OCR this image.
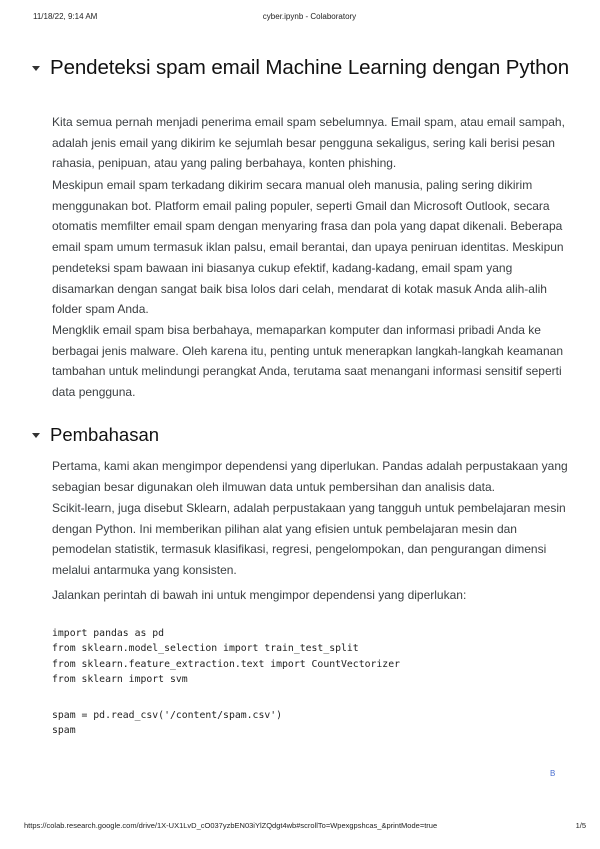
11/18/22, 9:14 AM	cyber.ipynb - Colaboratory
Pendeteksi spam email Machine Learning dengan Python

Kita semua pernah menjadi penerima email spam sebelumnya. Email spam, atau email sampah, adalah jenis email yang dikirim ke sejumlah besar pengguna sekaligus, sering kali berisi pesan rahasia, penipuan, atau yang paling berbahaya, konten phishing.

Meskipun email spam terkadang dikirim secara manual oleh manusia, paling sering dikirim menggunakan bot. Platform email paling populer, seperti Gmail dan Microsoft Outlook, secara otomatis memfilter email spam dengan menyaring frasa dan pola yang dapat dikenali. Beberapa email spam umum termasuk iklan palsu, email berantai, dan upaya peniruan identitas. Meskipun pendeteksi spam bawaan ini biasanya cukup efektif, kadang-kadang, email spam yang disamarkan dengan sangat baik bisa lolos dari celah, mendarat di kotak masuk Anda alih-alih folder spam Anda.

Mengklik email spam bisa berbahaya, memaparkan komputer dan informasi pribadi Anda ke berbagai jenis malware. Oleh karena itu, penting untuk menerapkan langkah-langkah keamanan tambahan untuk melindungi perangkat Anda, terutama saat menangani informasi sensitif seperti data pengguna.

Pembahasan

Pertama, kami akan mengimpor dependensi yang diperlukan. Pandas adalah perpustakaan yang sebagian besar digunakan oleh ilmuwan data untuk pembersihan dan analisis data.

Scikit-learn, juga disebut Sklearn, adalah perpustakaan yang tangguh untuk pembelajaran mesin dengan Python. Ini memberikan pilihan alat yang efisien untuk pembelajaran mesin dan pemodelan statistik, termasuk klasifikasi, regresi, pengelompokan, dan pengurangan dimensi melalui antarmuka yang konsisten.

Jalankan perintah di bawah ini untuk mengimpor dependensi yang diperlukan:

import pandas as pd
from sklearn.model_selection import train_test_split
from sklearn.feature_extraction.text import CountVectorizer
from sklearn import svm
spam = pd.read_csv('/content/spam.csv')
spam
B
https://colab.research.google.com/drive/1X-UX1LvD_cO037yzbEN03iYlZQdgt4wb#scrollTo=Wpexgpshcas_&printMode=true	1/5
